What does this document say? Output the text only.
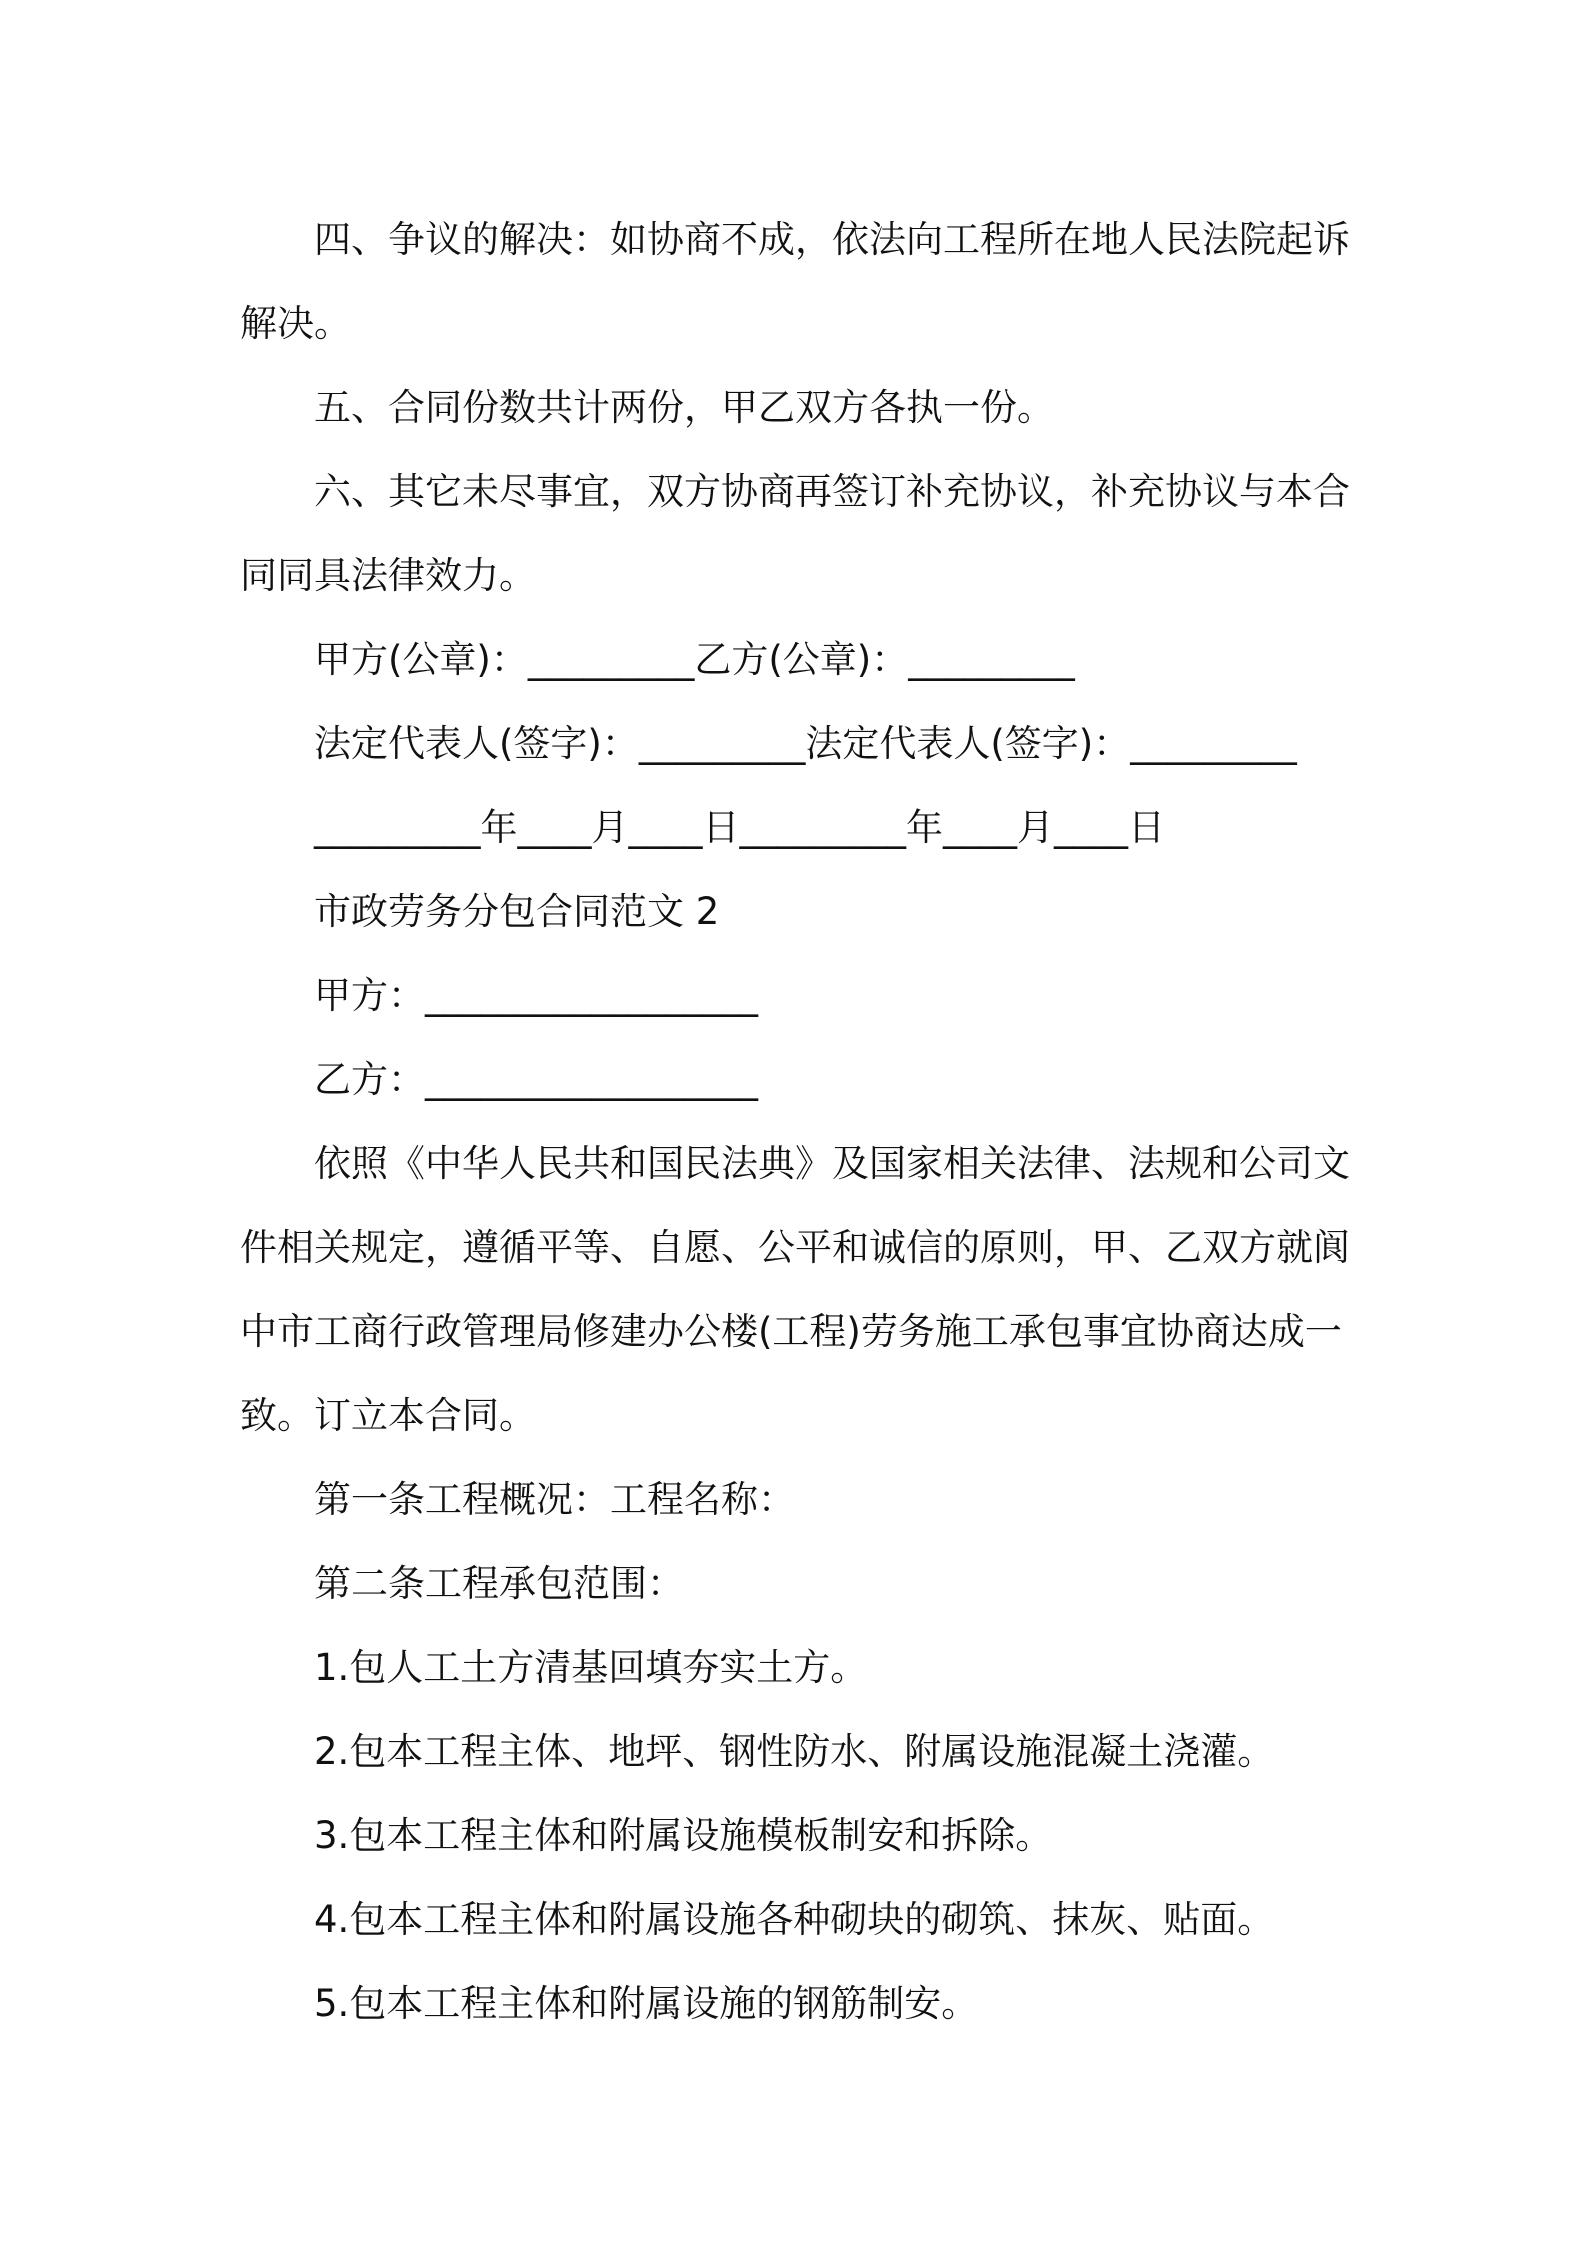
四、争议的解决：如协商不成，依法向工程所在地人民法院起诉解决。

五、合同份数共计两份，甲乙双方各执一份。

六、其它未尽事宜，双方协商再签订补充协议，补充协议与本合同同具法律效力。

甲方(公章)：_________乙方(公章)：_________

法定代表人(签字)：_________法定代表人(签字)：_________

_________年____月____日_________年____月____日

市政劳务分包合同范文 2

甲方：__________________

乙方：__________________

依照《中华人民共和国民法典》及国家相关法律、法规和公司文件相关规定，遵循平等、自愿、公平和诚信的原则，甲、乙双方就阆中市工商行政管理局修建办公楼(工程)劳务施工承包事宜协商达成一致。订立本合同。

第一条工程概况：工程名称：

第二条工程承包范围：

1.包人工土方清基回填夯实土方。

2.包本工程主体、地坪、钢性防水、附属设施混凝土浇灌。

3.包本工程主体和附属设施模板制安和拆除。

4.包本工程主体和附属设施各种砌块的砌筑、抹灰、贴面。

5.包本工程主体和附属设施的钢筋制安。
